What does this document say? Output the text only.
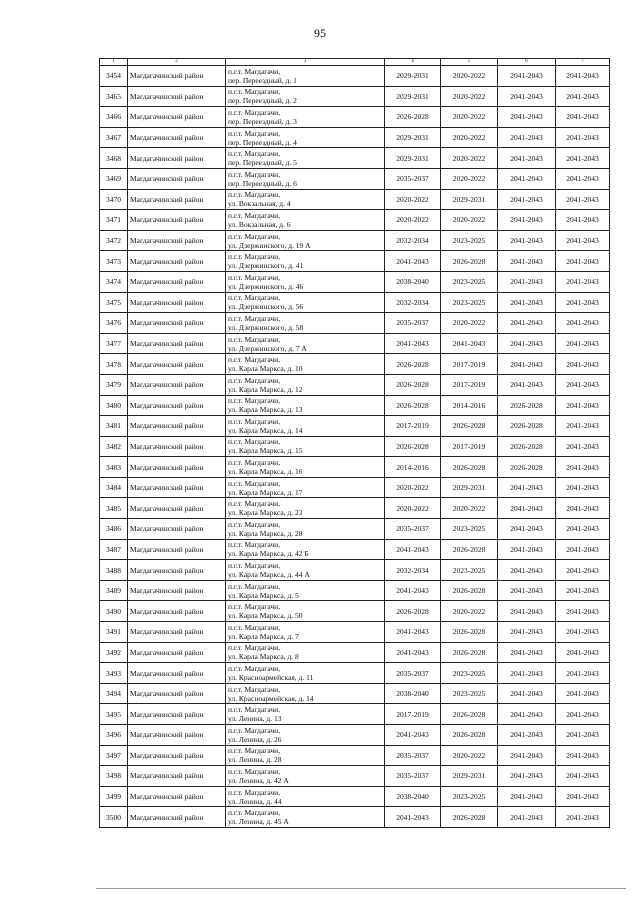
95
1	2	3	4	5	6	7
3454	Магдагачинский район	п.г.т. Магдагачи,
пер. Переездный, д. 1	2029-2031	2020-2022	2041-2043	2041-2043
3465	Магдагачинский район	п.г.т. Магдагачи,
пер. Переездный, д. 2	2029-2031	2020-2022	2041-2043	2041-2043
3466	Магдагачинский район	п.г.т. Магдагачи,
пер. Переездный, д. 3	2026-2028	2020-2022	2041-2043	2041-2043
3467	Магдагачинский район	п.г.т. Магдагачи,
пер. Переездный, д. 4	2029-2031	2020-2022	2041-2043	2041-2043
3468	Магдагачинский район	п.г.т. Магдагачи,
пер. Переездный, д. 5	2029-2031	2020-2022	2041-2043	2041-2043
3469	Магдагачинский район	п.г.т. Магдагачи,
пер. Переездный, д. 6	2035-2037	2020-2022	2041-2043	2041-2043
3470	Магдагачинский район	п.г.т. Магдагачи,
ул. Вокзальная, д. 4	2020-2022	2029-2031	2041-2043	2041-2043
3471	Магдагачинский район	п.г.т. Магдагачи,
ул. Вокзальная, д. 6	2020-2022	2020-2022	2041-2043	2041-2043
3472	Магдагачинский район	п.г.т. Магдагачи,
ул. Дзержинского, д. 19 А	2032-2034	2023-2025	2041-2043	2041-2043
3473	Магдагачинский район	п.г.т. Магдагачи,
ул. Дзержинского, д. 41	2041-2043	2026-2028	2041-2043	2041-2043
3474	Магдагачинский район	п.г.т. Магдагачи,
ул. Дзержинского, д. 46	2038-2040	2023-2025	2041-2043	2041-2043
3475	Магдагачинский район	п.г.т. Магдагачи,
ул. Дзержинского, д. 56	2032-2034	2023-2025	2041-2043	2041-2043
3476	Магдагачинский район	п.г.т. Магдагачи,
ул. Дзержинского, д. 58	2035-2037	2020-2022	2041-2043	2041-2043
3477	Магдагачинский район	п.г.т. Магдагачи,
ул. Дзержинского, д. 7 А	2041-2043	2041-2043	2041-2043	2041-2043
3478	Магдагачинский район	п.г.т. Магдагачи,
ул. Карла Маркса, д. 10	2026-2028	2017-2019	2041-2043	2041-2043
3479	Магдагачинский район	п.г.т. Магдагачи,
ул. Карла Маркса, д. 12	2026-2028	2017-2019	2041-2043	2041-2043
3480	Магдагачинский район	п.г.т. Магдагачи,
ул. Карла Маркса, д. 13	2026-2028	2014-2016	2026-2028	2041-2043
3481	Магдагачинский район	п.г.т. Магдагачи,
ул. Карла Маркса, д. 14	2017-2019	2026-2028	2026-2028	2041-2043
3482	Магдагачинский район	п.г.т. Магдагачи,
ул. Карла Маркса, д. 15	2026-2028	2017-2019	2026-2028	2041-2043
3483	Магдагачинский район	п.г.т. Магдагачи,
ул. Карла Маркса, д. 16	2014-2016	2026-2028	2026-2028	2041-2043
3484	Магдагачинский район	п.г.т. Магдагачи,
ул. Карла Маркса, д. 17	2020-2022	2029-2031	2041-2043	2041-2043
3485	Магдагачинский район	п.г.т. Магдагачи,
ул. Карла Маркса, д. 23	2020-2022	2020-2022	2041-2043	2041-2043
3486	Магдагачинский район	п.г.т. Магдагачи,
ул. Карла Маркса, д. 28	2035-2037	2023-2025	2041-2043	2041-2043
3487	Магдагачинский район	п.г.т. Магдагачи,
ул. Карла Маркса, д. 42 Б	2041-2043	2026-2028	2041-2043	2041-2043
3488	Магдагачинский район	п.г.т. Магдагачи,
ул. Карла Маркса, д. 44 А	2032-2034	2023-2025	2041-2043	2041-2043
3489	Магдагачинский район	п.г.т. Магдагачи,
ул. Карла Маркса, д. 5	2041-2043	2026-2028	2041-2043	2041-2043
3490	Магдагачинский район	п.г.т. Магдагачи,
ул. Карла Маркса, д. 50	2026-2028	2020-2022	2041-2043	2041-2043
3491	Магдагачинский район	п.г.т. Магдагачи,
ул. Карла Маркса, д. 7	2041-2043	2026-2028	2041-2043	2041-2043
3492	Магдагачинский район	п.г.т. Магдагачи,
ул. Карла Маркса, д. 8	2041-2043	2026-2028	2041-2043	2041-2043
3493	Магдагачинский район	п.г.т. Магдагачи,
ул. Красноармейская, д. 11	2035-2037	2023-2025	2041-2043	2041-2043
3494	Магдагачинский район	п.г.т. Магдагачи,
ул. Красноармейская, д. 14	2038-2040	2023-2025	2041-2043	2041-2043
3495	Магдагачинский район	п.г.т. Магдагачи,
ул. Ленина, д. 13	2017-2019	2026-2028	2041-2043	2041-2043
3496	Магдагачинский район	п.г.т. Магдагачи,
ул. Ленина, д. 26	2041-2043	2026-2028	2041-2043	2041-2043
3497	Магдагачинский район	п.г.т. Магдагачи,
ул. Ленина, д. 28	2035-2037	2020-2022	2041-2043	2041-2043
3498	Магдагачинский район	п.г.т. Магдагачи,
ул. Ленина, д. 42 А	2035-2037	2029-2031	2041-2043	2041-2043
3499	Магдагачинский район	п.г.т. Магдагачи,
ул. Ленина, д. 44	2038-2040	2023-2025	2041-2043	2041-2043
3500	Магдагачинский район	п.г.т. Магдагачи,
ул. Ленина, д. 45 А	2041-2043	2026-2028	2041-2043	2041-2043
